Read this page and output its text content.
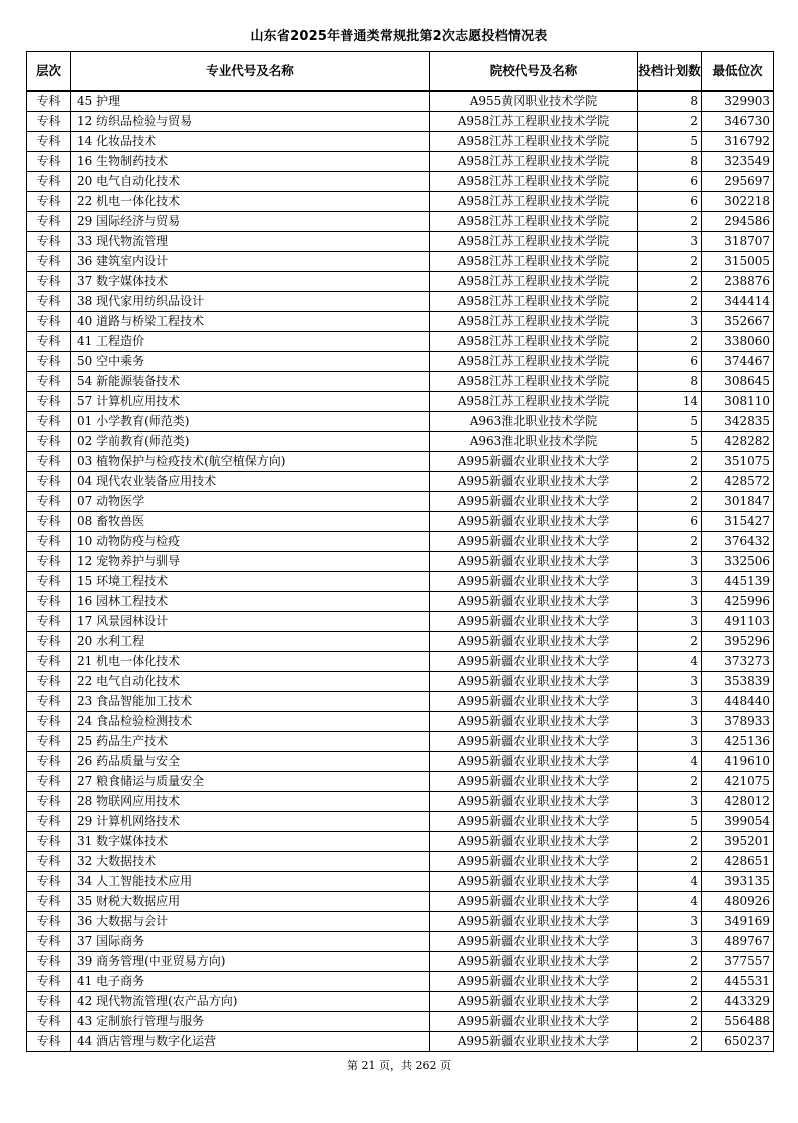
山东省2025年普通类常规批第2次志愿投档情况表
层次	专业代号及名称	院校代号及名称	投档计划数	最低位次
专科	45 护理	A955黄冈职业技术学院	8	329903
专科	12 纺织品检验与贸易	A958江苏工程职业技术学院	2	346730
专科	14 化妆品技术	A958江苏工程职业技术学院	5	316792
专科	16 生物制药技术	A958江苏工程职业技术学院	8	323549
专科	20 电气自动化技术	A958江苏工程职业技术学院	6	295697
专科	22 机电一体化技术	A958江苏工程职业技术学院	6	302218
专科	29 国际经济与贸易	A958江苏工程职业技术学院	2	294586
专科	33 现代物流管理	A958江苏工程职业技术学院	3	318707
专科	36 建筑室内设计	A958江苏工程职业技术学院	2	315005
专科	37 数字媒体技术	A958江苏工程职业技术学院	2	238876
专科	38 现代家用纺织品设计	A958江苏工程职业技术学院	2	344414
专科	40 道路与桥梁工程技术	A958江苏工程职业技术学院	3	352667
专科	41 工程造价	A958江苏工程职业技术学院	2	338060
专科	50 空中乘务	A958江苏工程职业技术学院	6	374467
专科	54 新能源装备技术	A958江苏工程职业技术学院	8	308645
专科	57 计算机应用技术	A958江苏工程职业技术学院	14	308110
专科	01 小学教育(师范类)	A963淮北职业技术学院	5	342835
专科	02 学前教育(师范类)	A963淮北职业技术学院	5	428282
专科	03 植物保护与检疫技术(航空植保方向)	A995新疆农业职业技术大学	2	351075
专科	04 现代农业装备应用技术	A995新疆农业职业技术大学	2	428572
专科	07 动物医学	A995新疆农业职业技术大学	2	301847
专科	08 畜牧兽医	A995新疆农业职业技术大学	6	315427
专科	10 动物防疫与检疫	A995新疆农业职业技术大学	2	376432
专科	12 宠物养护与驯导	A995新疆农业职业技术大学	3	332506
专科	15 环境工程技术	A995新疆农业职业技术大学	3	445139
专科	16 园林工程技术	A995新疆农业职业技术大学	3	425996
专科	17 风景园林设计	A995新疆农业职业技术大学	3	491103
专科	20 水利工程	A995新疆农业职业技术大学	2	395296
专科	21 机电一体化技术	A995新疆农业职业技术大学	4	373273
专科	22 电气自动化技术	A995新疆农业职业技术大学	3	353839
专科	23 食品智能加工技术	A995新疆农业职业技术大学	3	448440
专科	24 食品检验检测技术	A995新疆农业职业技术大学	3	378933
专科	25 药品生产技术	A995新疆农业职业技术大学	3	425136
专科	26 药品质量与安全	A995新疆农业职业技术大学	4	419610
专科	27 粮食储运与质量安全	A995新疆农业职业技术大学	2	421075
专科	28 物联网应用技术	A995新疆农业职业技术大学	3	428012
专科	29 计算机网络技术	A995新疆农业职业技术大学	5	399054
专科	31 数字媒体技术	A995新疆农业职业技术大学	2	395201
专科	32 大数据技术	A995新疆农业职业技术大学	2	428651
专科	34 人工智能技术应用	A995新疆农业职业技术大学	4	393135
专科	35 财税大数据应用	A995新疆农业职业技术大学	4	480926
专科	36 大数据与会计	A995新疆农业职业技术大学	3	349169
专科	37 国际商务	A995新疆农业职业技术大学	3	489767
专科	39 商务管理(中亚贸易方向)	A995新疆农业职业技术大学	2	377557
专科	41 电子商务	A995新疆农业职业技术大学	2	445531
专科	42 现代物流管理(农产品方向)	A995新疆农业职业技术大学	2	443329
专科	43 定制旅行管理与服务	A995新疆农业职业技术大学	2	556488
专科	44 酒店管理与数字化运营	A995新疆农业职业技术大学	2	650237
第 21 页，共 262 页
